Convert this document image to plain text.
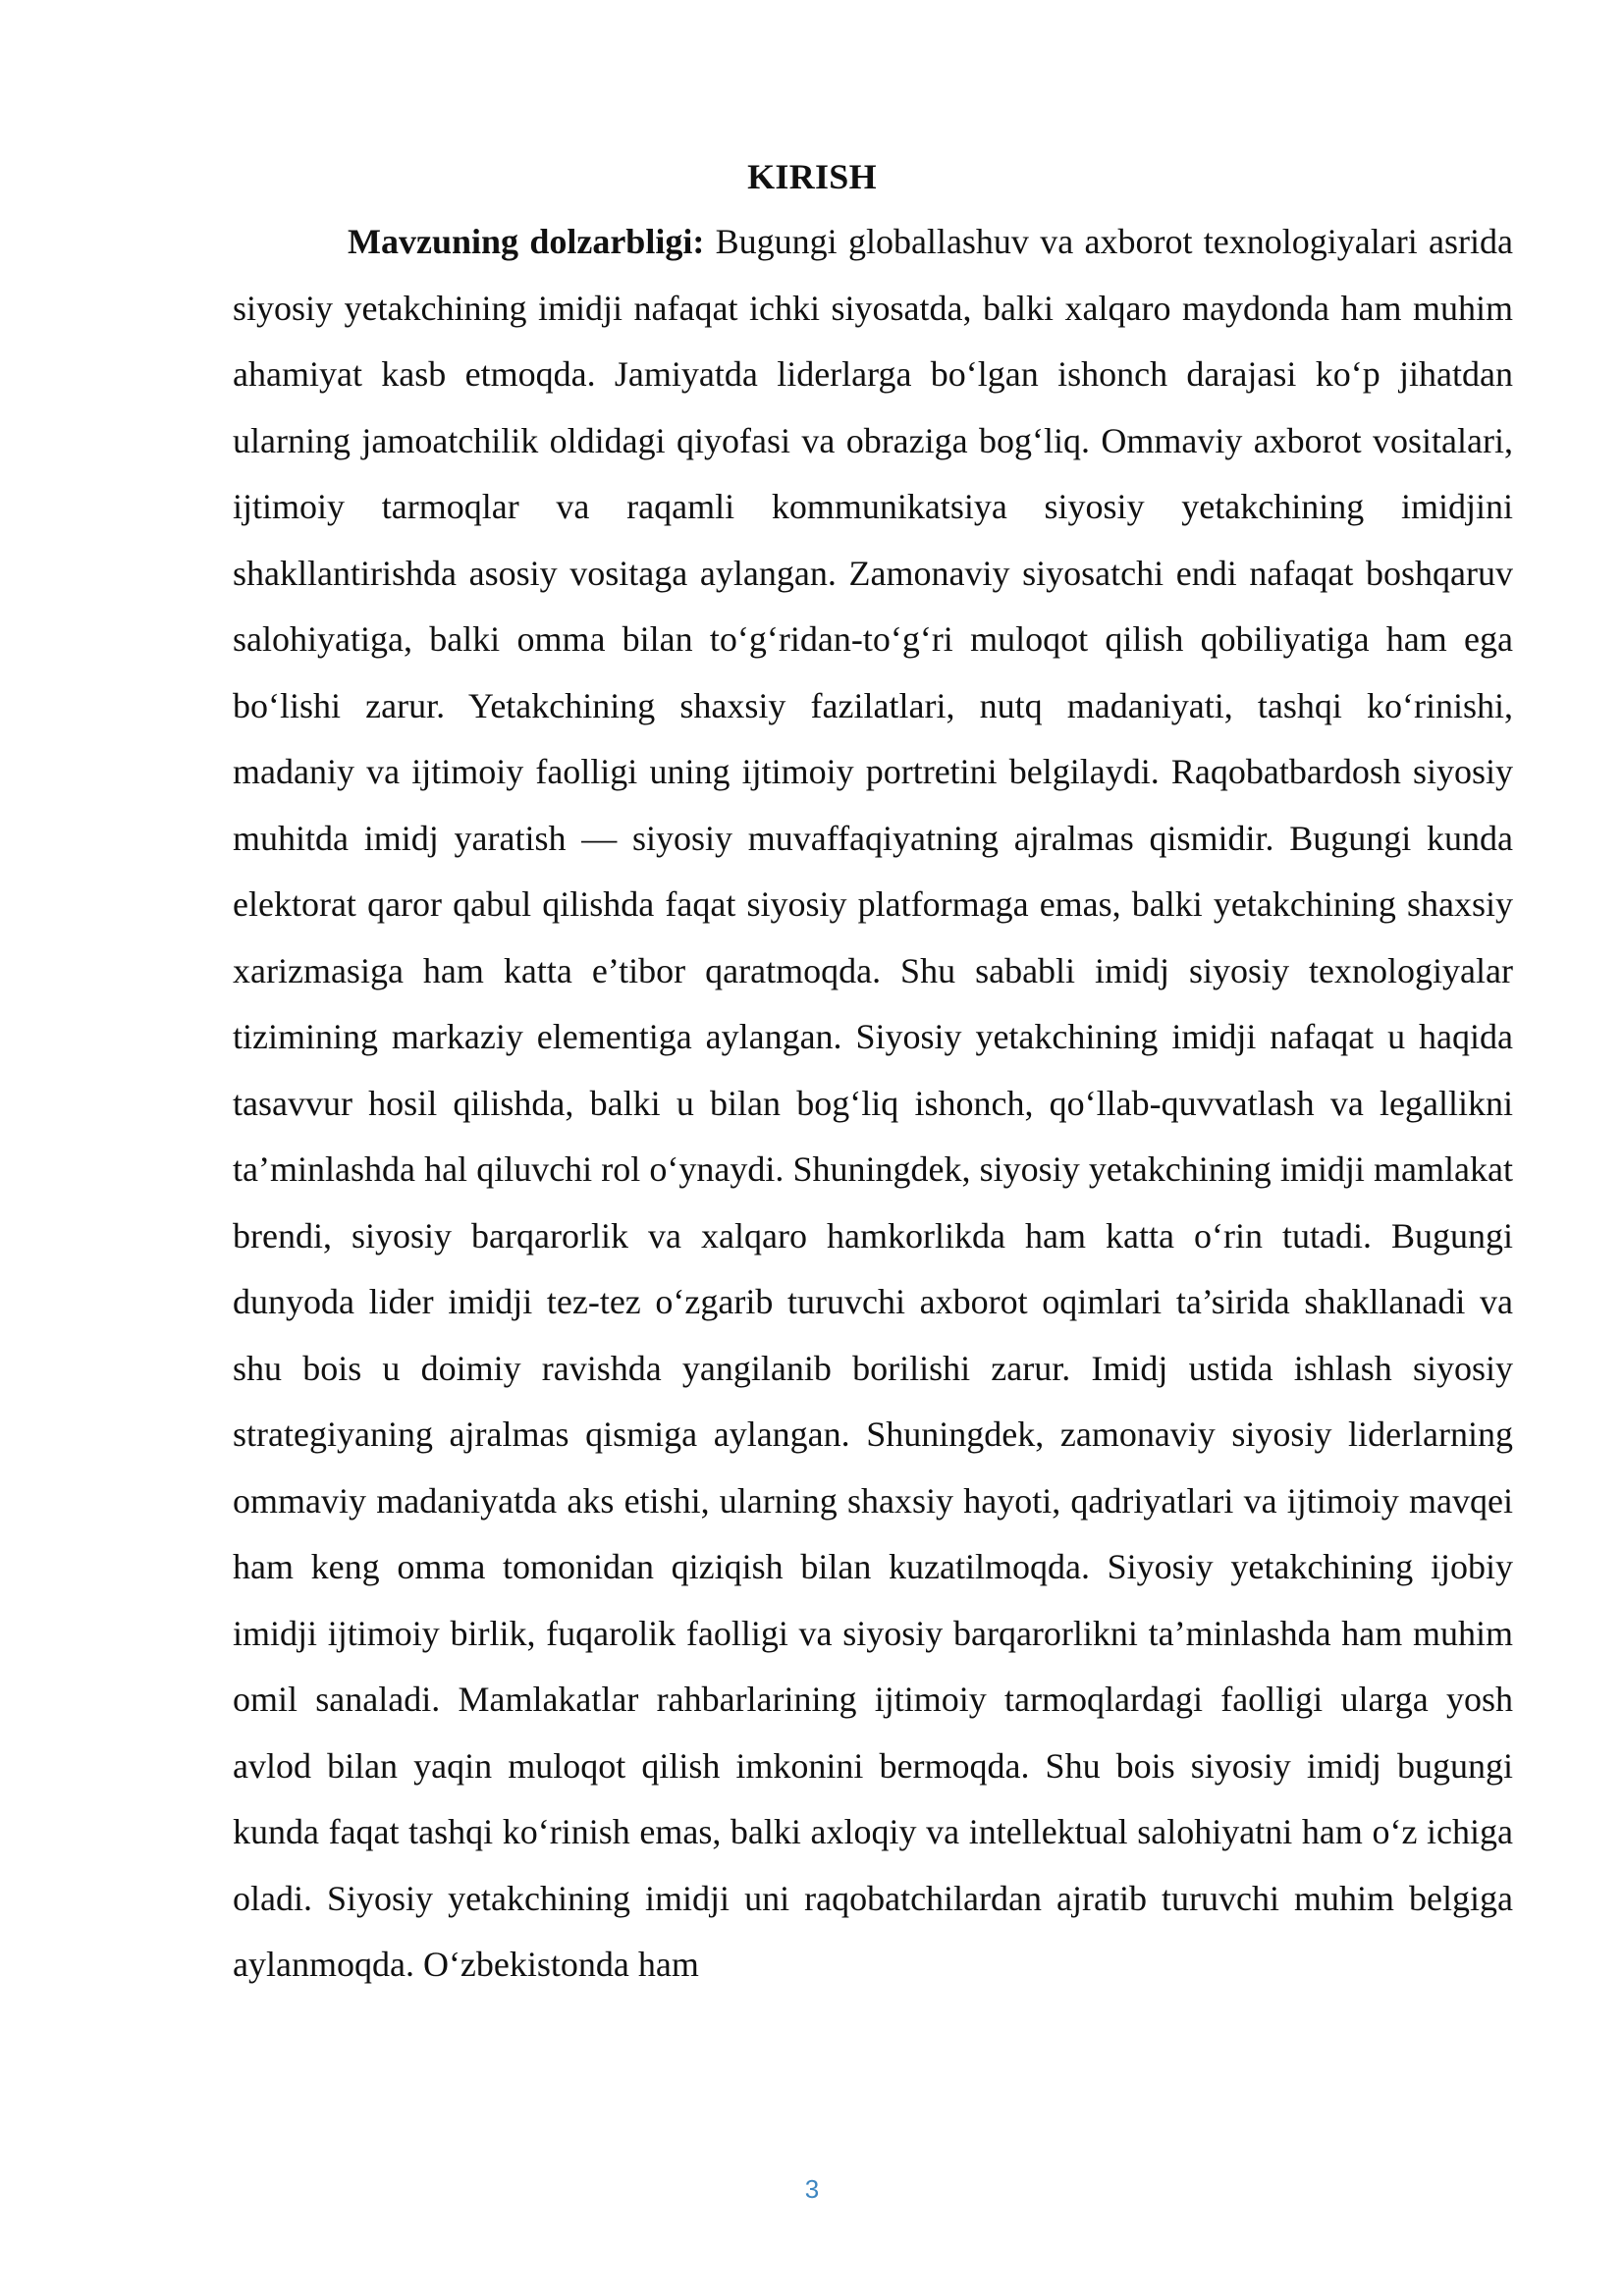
KIRISH

Mavzuning dolzarbligi: Bugungi globallashuv va axborot texnologiyalari asrida siyosiy yetakchining imidji nafaqat ichki siyosatda, balki xalqaro maydonda ham muhim ahamiyat kasb etmoqda. Jamiyatda liderlarga bo‘lgan ishonch darajasi ko‘p jihatdan ularning jamoatchilik oldidagi qiyofasi va obraziga bog‘liq. Ommaviy axborot vositalari, ijtimoiy tarmoqlar va raqamli kommunikatsiya siyosiy yetakchining imidjini shakllantirishda asosiy vositaga aylangan. Zamonaviy siyosatchi endi nafaqat boshqaruv salohiyatiga, balki omma bilan to‘g‘ridan-to‘g‘ri muloqot qilish qobiliyatiga ham ega bo‘lishi zarur. Yetakchining shaxsiy fazilatlari, nutq madaniyati, tashqi ko‘rinishi, madaniy va ijtimoiy faolligi uning ijtimoiy portretini belgilaydi. Raqobatbardosh siyosiy muhitda imidj yaratish — siyosiy muvaffaqiyatning ajralmas qismidir. Bugungi kunda elektorat qaror qabul qilishda faqat siyosiy platformaga emas, balki yetakchining shaxsiy xarizmasiga ham katta e’tibor qaratmoqda. Shu sababli imidj siyosiy texnologiyalar tizimining markaziy elementiga aylangan. Siyosiy yetakchining imidji nafaqat u haqida tasavvur hosil qilishda, balki u bilan bog‘liq ishonch, qo‘llab-quvvatlash va legallikni ta’minlashda hal qiluvchi rol o‘ynaydi. Shuningdek, siyosiy yetakchining imidji mamlakat brendi, siyosiy barqarorlik va xalqaro hamkorlikda ham katta o‘rin tutadi. Bugungi dunyoda lider imidji tez-tez o‘zgarib turuvchi axborot oqimlari ta’sirida shakllanadi va shu bois u doimiy ravishda yangilanib borilishi zarur. Imidj ustida ishlash siyosiy strategiyaning ajralmas qismiga aylangan. Shuningdek, zamonaviy siyosiy liderlarning ommaviy madaniyatda aks etishi, ularning shaxsiy hayoti, qadriyatlari va ijtimoiy mavqei ham keng omma tomonidan qiziqish bilan kuzatilmoqda. Siyosiy yetakchining ijobiy imidji ijtimoiy birlik, fuqarolik faolligi va siyosiy barqarorlikni ta’minlashda ham muhim omil sanaladi. Mamlakatlar rahbarlarining ijtimoiy tarmoqlardagi faolligi ularga yosh avlod bilan yaqin muloqot qilish imkonini bermoqda. Shu bois siyosiy imidj bugungi kunda faqat tashqi ko‘rinish emas, balki axloqiy va intellektual salohiyatni ham o‘z ichiga oladi. Siyosiy yetakchining imidji uni raqobatchilardan ajratib turuvchi muhim belgiga aylanmoqda. O‘zbekistonda ham

3
